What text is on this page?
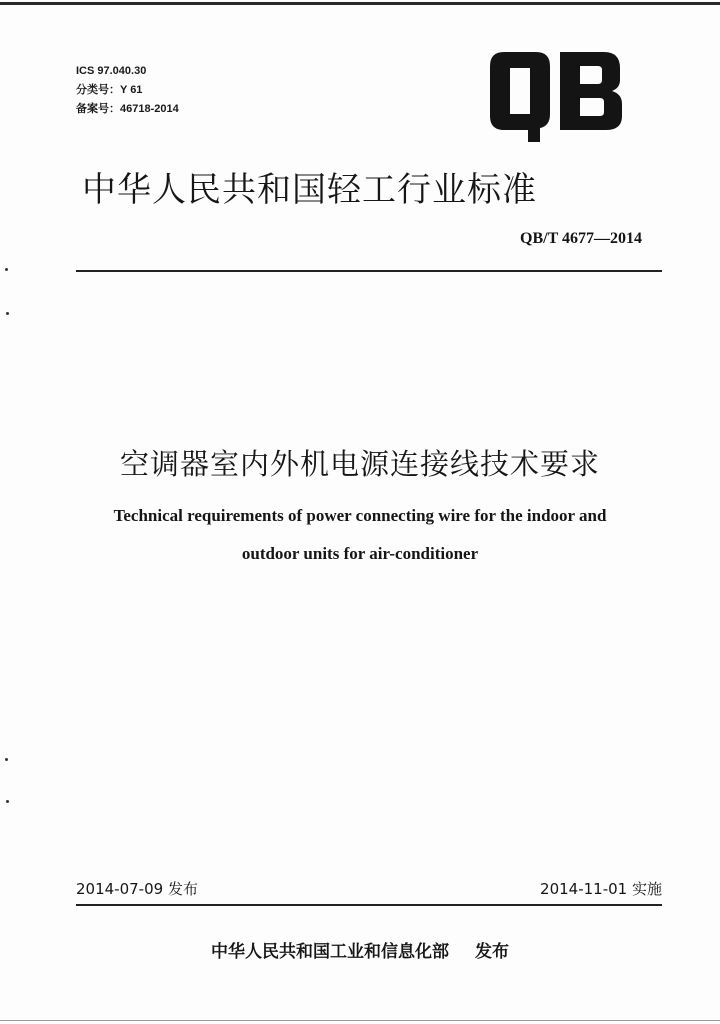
ICS 97.040.30
分类号：Y 61
备案号：46718-2014
中华人民共和国轻工行业标准
QB/T 4677—2014
空调器室内外机电源连接线技术要求
Technical requirements of power connecting wire for the indoor and
outdoor units for air-conditioner
2014-07-09 发布	2014-11-01 实施
中华人民共和国工业和信息化部 发布
